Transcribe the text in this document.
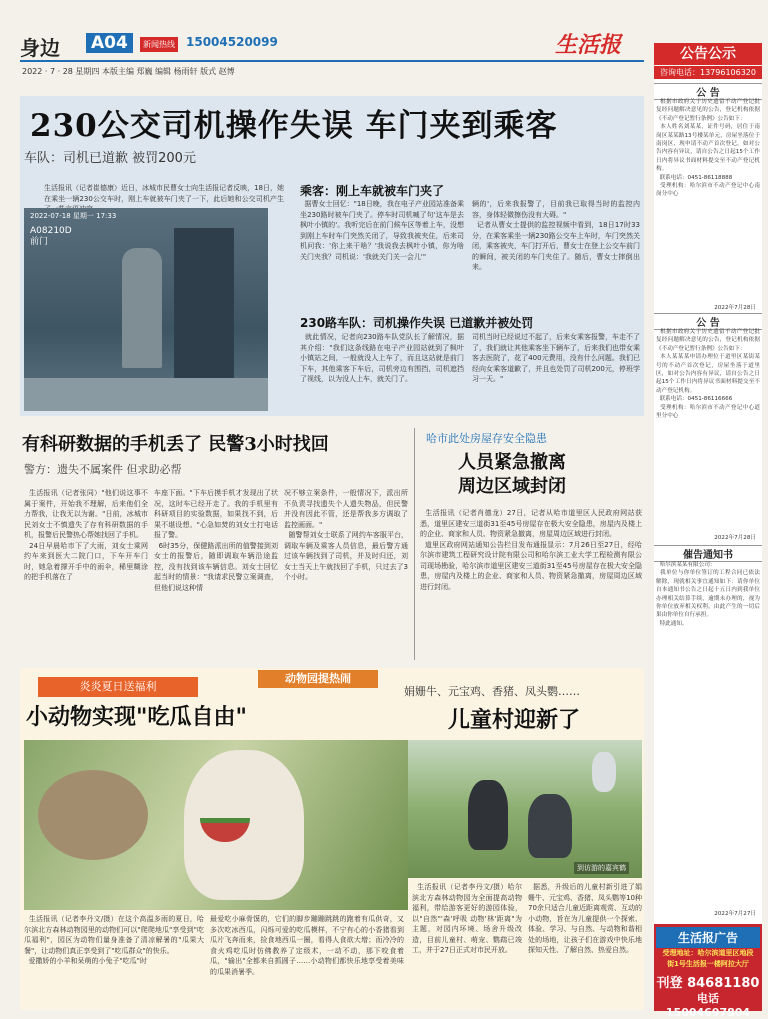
身边 A04	新闻热线 15004520099	生活报
2022 · 7 · 28 星期四 本版主编 郑巍 编辑 杨雨轩 版式 赵博
230公交司机操作失误 车门夹到乘客
车队：司机已道歉 被罚200元
生活报讯（记者崔德康）近日，冰城市民曹女士向生活报记者反映，18日，她在乘坐一辆230公交车时，刚上车就被车门夹了一下，此后她和公交司机产生
2022-07-18 星期一 17:33
A08210D
前门
乘客：刚上车就被车门夹了
据曹女士回忆："18日晚，我在电子产业园站准备乘坐230路时被车门夹了。停车时司机喊了句'这车是去枫叶小镇的'。我听完后在前门候车区等着上车，没想到刚上车时车门突然关闭了，导致我被夹住，后来司机问我：'你上来干啥？'我说我去枫叶小镇，你为啥关门夹我？司机说：'我就关门关一会儿'"
辆的'，后来我报警了，目前我已取得当时的监控内容，身体轻微擦伤没有大碍。"
记者从曹女士提供的监控视频中看到，18日17时33分，在乘客乘坐一辆230路公交车上车时，车门突然关闭，乘客被夹，车门打开后，曹女士在登上公交车前门的瞬间，被关闭的车门夹住了。随后，曹女士摔倒出来。
230路车队：司机操作失误 已道歉并被处罚
就此情况，记者向230路车队党队长了解情况，据其介绍："我们这条线路在电子产业园站就到了枫叶小镇站之间，一般就没人上车了，而且这站就是前门下车，其他乘客下车后，司机旁边有围挡，司机遮挡了视线，以为没人上车，就关门了。
司机当时已经说过不起了，后来女乘客报警，车走不了了，我们就让其他乘客坐下辆车了，后来我们也带女乘客去医院了，花了400元费用，没有什么问题。我们已经向女乘客道歉了，并且也处罚了司机200元，停班学习一天。"
有科研数据的手机丢了 民警3小时找回
警方：遗失不属案件 但求助必帮
生活报讯（记者张同）"他们说这事不属于案件，开始我不理解，后来他们全力帮我，让我无以为谢。"日前，冰城市民刘女士不慎遗失了存有科研数据的手机，报警后民警热心帮她找回了手机。
24日早晨哈市下了大雨，刘女士乘网约车来到医大二院门口，下车开车门时，她急着撑开手中的雨伞，稀里糊涂的把手机落在了
车座下面。"下车后摸手机才发现出了状况，这时车已经开走了。我的手机里有科研项目的实验数据，如果找不到，后果不堪设想。"心急如焚的刘女士打电话报了警。
6时35分，保健路派出所的值警接到刘女士的报警后，随即调取车辆沿途监控，没有找到该车辆信息。刘女士回忆起当时的情景："我请求民警立案调查，但他们说这种情
况不够立案条件，一般情况下，派出所不负责寻找遗失个人遗失物品，但民警并没有因此不管，还是帮我多方调取了监控画面。"
随警帮刘女士联系了网约车客服平台，调取车辆及乘客人员信息，最后警方通过该车辆找到了司机，并及时归还，刘女士当天上午就找回了手机，只过去了3个小时。
哈市此处房屋存安全隐患
人员紧急撤离
周边区域封闭
生活报讯（记者肖德龙）27日，记者从哈市道里区人民政府网站获悉，道里区建安三道街31至45号房屋存在极大安全隐患，房屋内及楼上的企业、商家和人员、物资紧急撤离，房屋周边区域进行封闭。
道里区政府网站通知公告栏目发布通报显示：7月26日至27日，经哈尔滨市建筑工程研究设计院有限公司和哈尔滨工业大学工程检测有限公司现场勘验，哈尔滨市道里区建安三道街31至45号房屋存在极大安全隐患，房屋内及楼上的企业、商家和人员、物资紧急撤离，房屋周边区域进行封闭。
动物园提热闹
炎炎夏日送福利
小动物实现"吃瓜自由"
娟姗牛、元宝鸡、香猪、凤头鹦……
儿童村迎新了
到访游的嘉宾鹤
生活报讯（记者李丹文/摄）在这个高温多雨的夏日，哈尔滨北方森林动物园里的动物们可以"爬爬地瓜"享受到"吃瓜福利"，园区为动物们量身准备了清凉解暑的"瓜果大餐"，让动物们真正享受到了"吃瓜群众"的快乐。
爱撒娇的小羊和呆萌的小兔子"吃瓜"时
最爱吃小麻骨馍的，它们的脚步蹦蹦跳跳的跑着有瓜供奇，又多次吃冰西瓜，闪烁可爱的吃瓜模样，不宁有心的小香猪看到瓜片飞奔而来，捡食地西瓜一圈，看得人食欲大增；而冷冷的食火鸡吃瓜时仿佛教养了定级术，一动不动，那下咬食着瓜，"输出"全都来自抓圆子……小动物们都快乐地享受着美味的瓜果消暑季。
生活报讯（记者李丹文/摄）哈尔滨北方森林动物园为全面提高动物福利，带给游客更好的游园体验，以"自然"'森'呼吸 动物'林'距离"为主题，对园内环境、场舍升级改造，目前儿童村、萌宠、鹦鹉已竣工，并于27日正式对市民开放。
据悉，升级后的儿童村新引进了娟姗牛、元宝鸡、香猪、凤头鹦等10种70余只适合儿童近距离观赏、互动的小动物，旨在为儿童提供一个探索、体验、学习、与自然、与动物和谐相处的场地，让孩子们在游戏中快乐地探知天性、了解自然、热爱自然。
公告公示
咨询电话：13796106320
公 告
根据市政府关于历史遗留不动产登记批复经问题解决意见的公告，登记机构依据《不动产登记暂行条例》公告如下：
本人姓名刘某某，证件号码，居住于南岗区某某路13号楼某单元，房屋坐落位于南岗区，现申请不动产首次登记，如对公告内容有异议，请自公告之日起15个工作日内将异议书面材料提交至不动产登记机构。
联系电话：0451-86118888
受理机构：哈尔滨市不动产登记中心南岗分中心
2022年7月28日
公 告
根据市政府关于历史遗留不动产登记批复经问题解决意见的公告，登记机构依据《不动产登记暂行条例》公告如下：
本人某某某申请办理位于道里区某街某号的不动产首次登记，房屋坐落于道里区，如对公告内容有异议，请自公告之日起15个工作日内将异议书面材料提交至不动产登记机构。
联系电话：0451-86116666
受理机构：哈尔滨市不动产登记中心道里分中心
2022年7月28日
催告通知书
哈尔滨某某有限公司：
我单位与你单位签订的工程合同已依法解除，现就相关事宜通知如下：请你单位自本通知书公告之日起十五日内到我单位办理相关结算手续，逾期未办理的，视为你单位放弃相关权利，由此产生的一切后果由你单位自行承担。
特此通知。
2022年7月27日
生活报广告
受理地址：哈尔滨道里区地段
街1号生活报一楼阿拉大厅
刊登 84681180
电话 15004697804
